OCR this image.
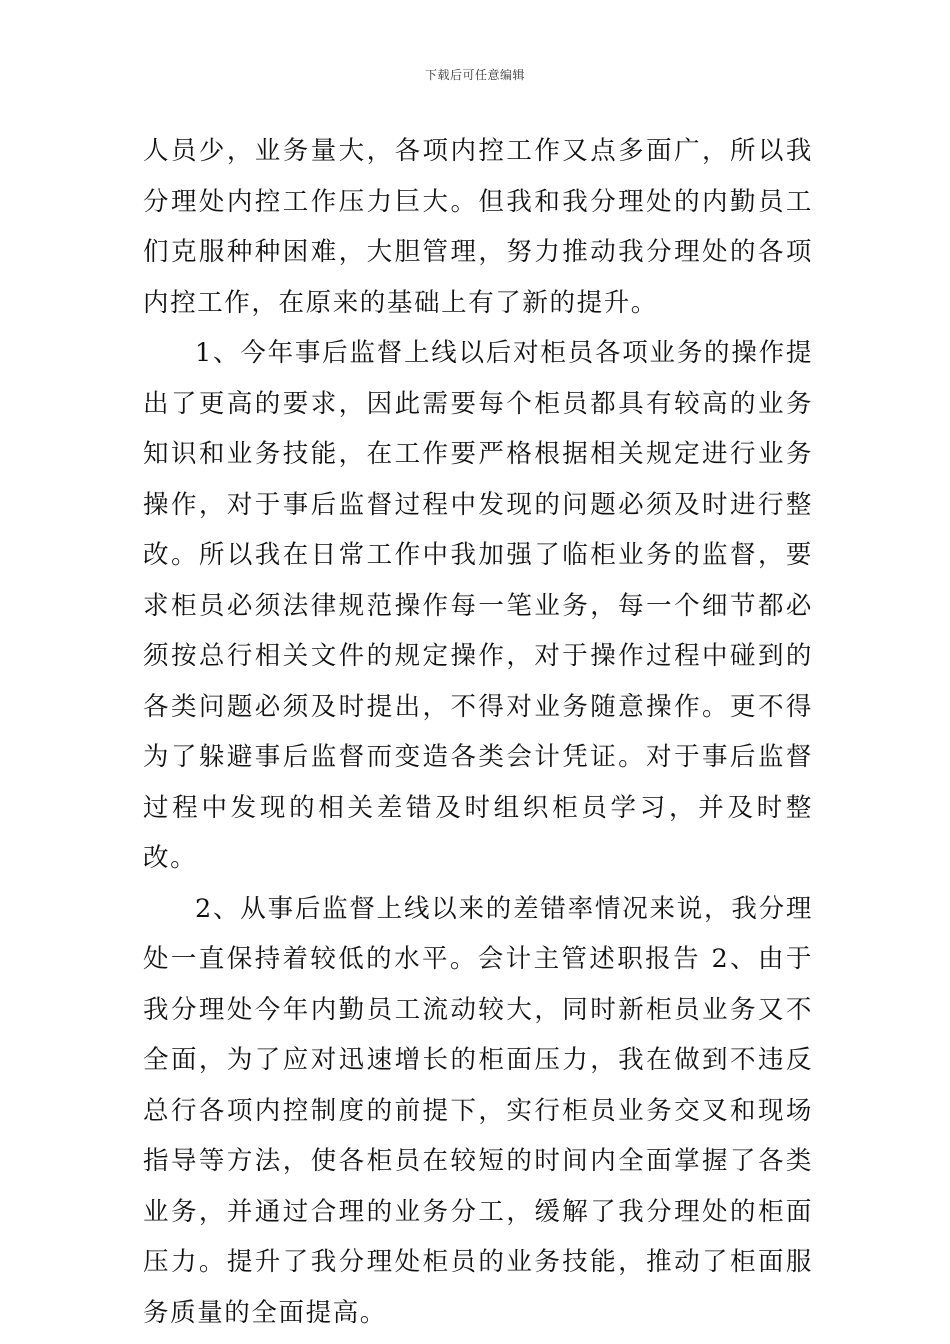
下载后可任意编辑

人员少，业务量大，各项内控工作又点多面广，所以我分理处内控工作压力巨大。但我和我分理处的内勤员工们克服种种困难，大胆管理，努力推动我分理处的各项内控工作，在原来的基础上有了新的提升。

1、今年事后监督上线以后对柜员各项业务的操作提出了更高的要求，因此需要每个柜员都具有较高的业务知识和业务技能，在工作要严格根据相关规定进行业务操作，对于事后监督过程中发现的问题必须及时进行整改。所以我在日常工作中我加强了临柜业务的监督，要求柜员必须法律规范操作每一笔业务，每一个细节都必须按总行相关文件的规定操作，对于操作过程中碰到的各类问题必须及时提出，不得对业务随意操作。更不得为了躲避事后监督而变造各类会计凭证。对于事后监督过程中发现的相关差错及时组织柜员学习，并及时整改。

2、从事后监督上线以来的差错率情况来说，我分理处一直保持着较低的水平。会计主管述职报告 2、由于我分理处今年内勤员工流动较大，同时新柜员业务又不全面，为了应对迅速增长的柜面压力，我在做到不违反总行各项内控制度的前提下，实行柜员业务交叉和现场指导等方法，使各柜员在较短的时间内全面掌握了各类业务，并通过合理的业务分工，缓解了我分理处的柜面压力。提升了我分理处柜员的业务技能，推动了柜面服务质量的全面提高。
